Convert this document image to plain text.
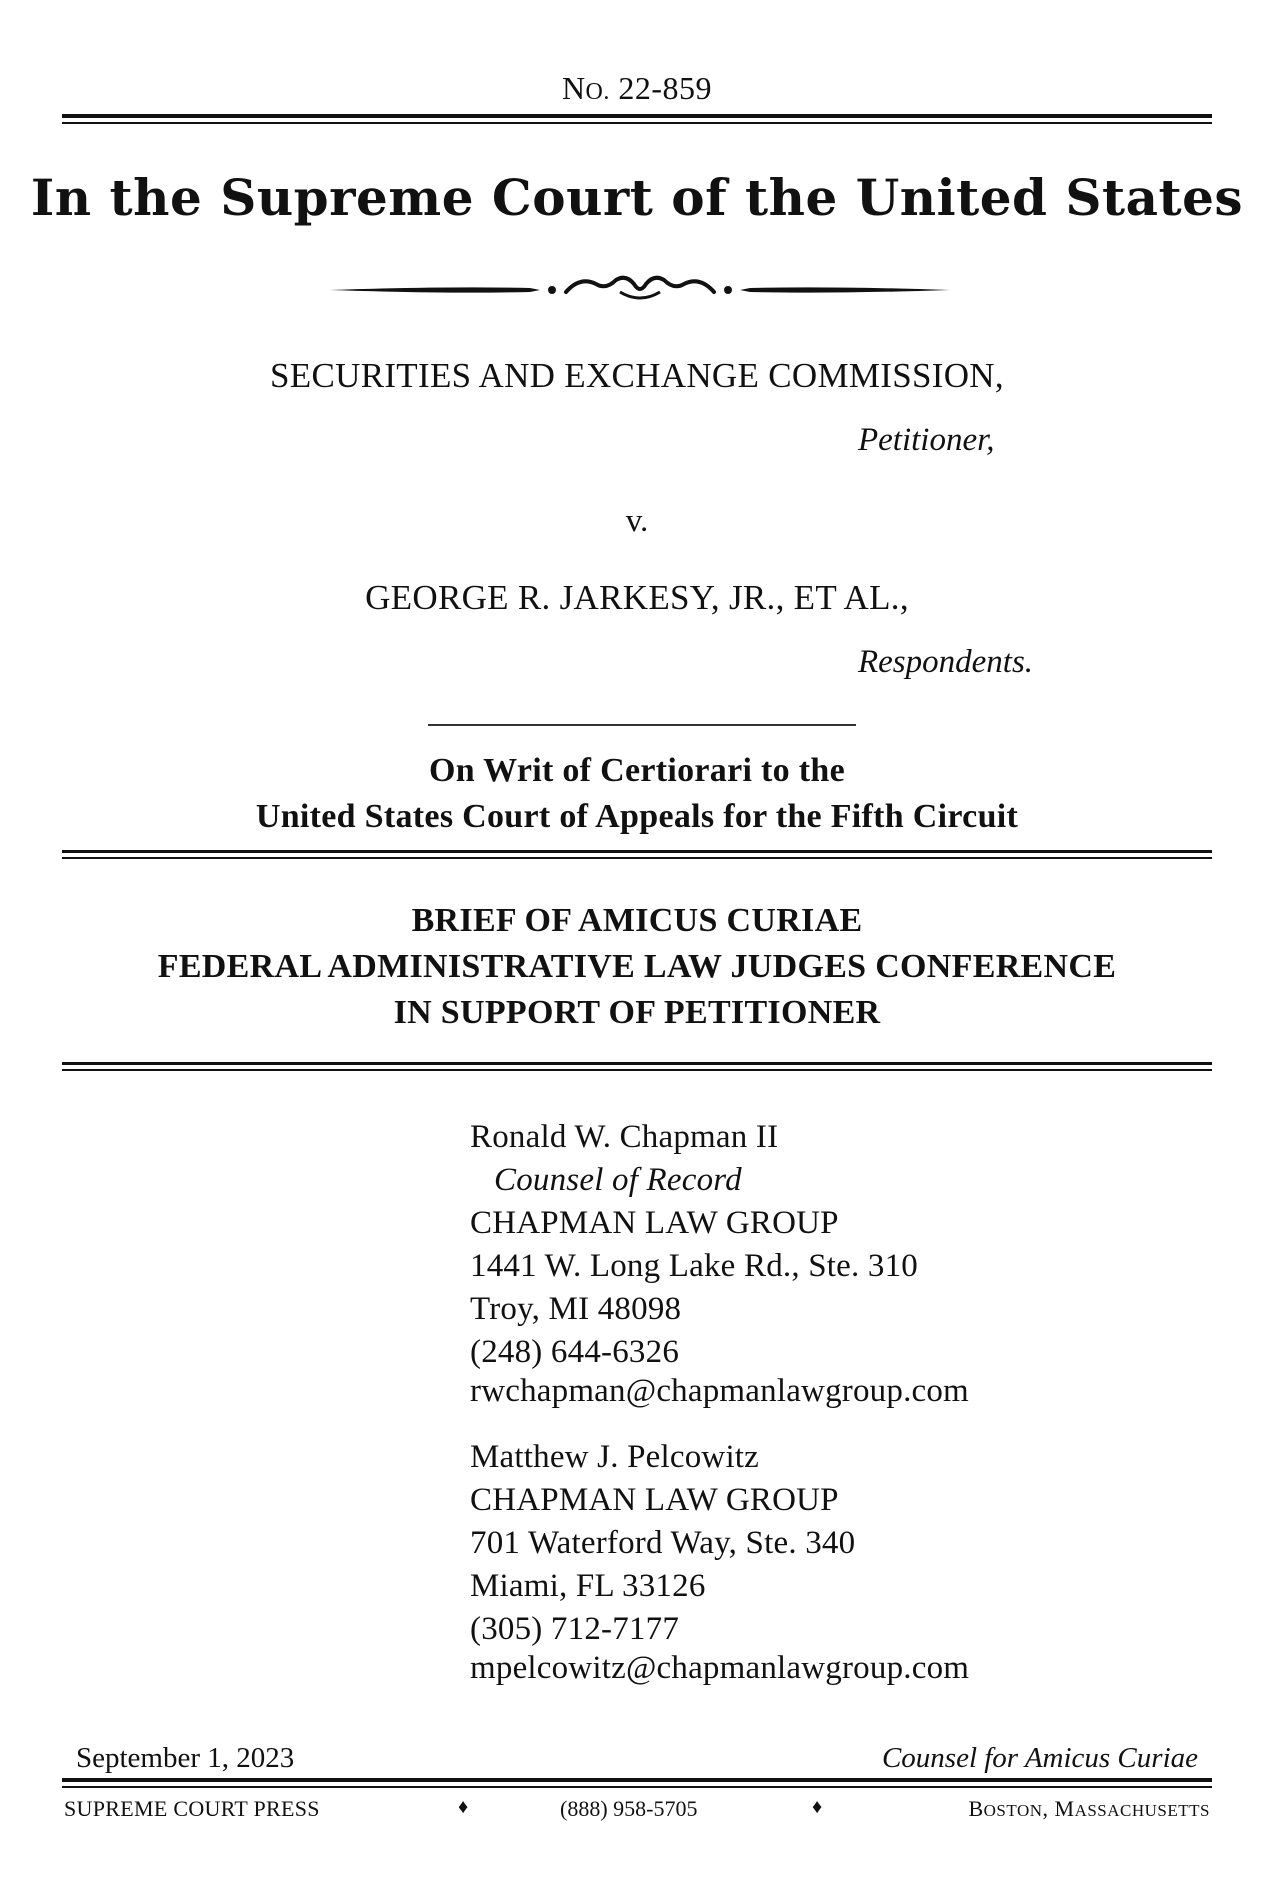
NO. 22-859
In the Supreme Court of the United States
SECURITIES AND EXCHANGE COMMISSION,
Petitioner,
v.
GEORGE R. JARKESY, JR., ET AL.,
Respondents.
On Writ of Certiorari to the
United States Court of Appeals for the Fifth Circuit
BRIEF OF AMICUS CURIAE
FEDERAL ADMINISTRATIVE LAW JUDGES CONFERENCE
IN SUPPORT OF PETITIONER
Ronald W. Chapman II
Counsel of Record
CHAPMAN LAW GROUP
1441 W. Long Lake Rd., Ste. 310
Troy, MI 48098
(248) 644-6326
rwchapman@chapmanlawgroup.com
Matthew J. Pelcowitz
CHAPMAN LAW GROUP
701 Waterford Way, Ste. 340
Miami, FL 33126
(305) 712-7177
mpelcowitz@chapmanlawgroup.com
September 1, 2023	Counsel for Amicus Curiae
SUPREME COURT PRESS	♦	(888) 958-5705	♦	BOSTON, MASSACHUSETTS
